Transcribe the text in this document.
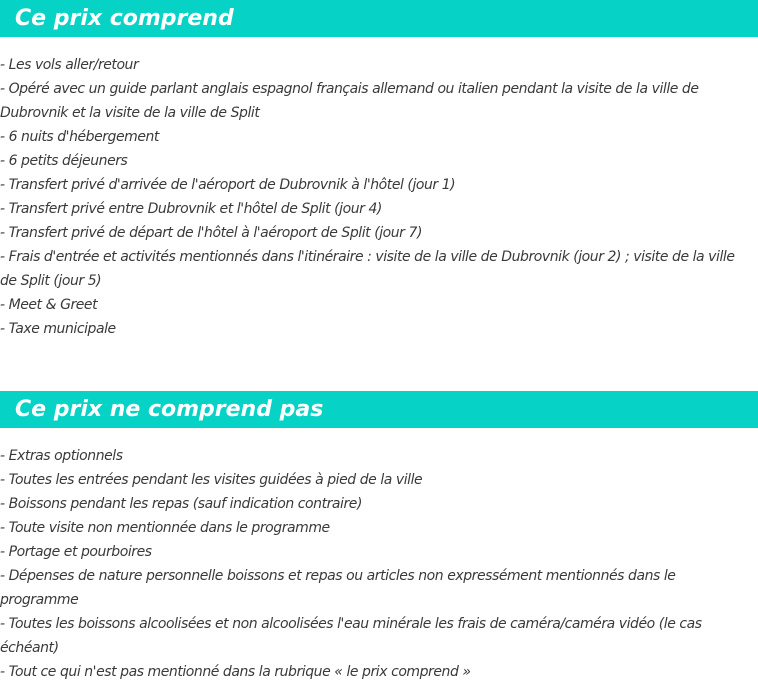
Ce prix comprend
- Les vols aller/retour
- Opéré avec un guide parlant anglais espagnol français allemand ou italien pendant la visite de la ville de Dubrovnik et la visite de la ville de Split
- 6 nuits d'hébergement
- 6 petits déjeuners
- Transfert privé d'arrivée de l'aéroport de Dubrovnik à l'hôtel (jour 1)
- Transfert privé entre Dubrovnik et l'hôtel de Split (jour 4)
- Transfert privé de départ de l'hôtel à l'aéroport de Split (jour 7)
- Frais d'entrée et activités mentionnés dans l'itinéraire : visite de la ville de Dubrovnik (jour 2) ; visite de la ville de Split (jour 5)
- Meet & Greet
- Taxe municipale
Ce prix ne comprend pas
- Extras optionnels
- Toutes les entrées pendant les visites guidées à pied de la ville
- Boissons pendant les repas (sauf indication contraire)
- Toute visite non mentionnée dans le programme
- Portage et pourboires
- Dépenses de nature personnelle boissons et repas ou articles non expressément mentionnés dans le programme
- Toutes les boissons alcoolisées et non alcoolisées l'eau minérale les frais de caméra/caméra vidéo (le cas échéant)
- Tout ce qui n'est pas mentionné dans la rubrique « le prix comprend »
